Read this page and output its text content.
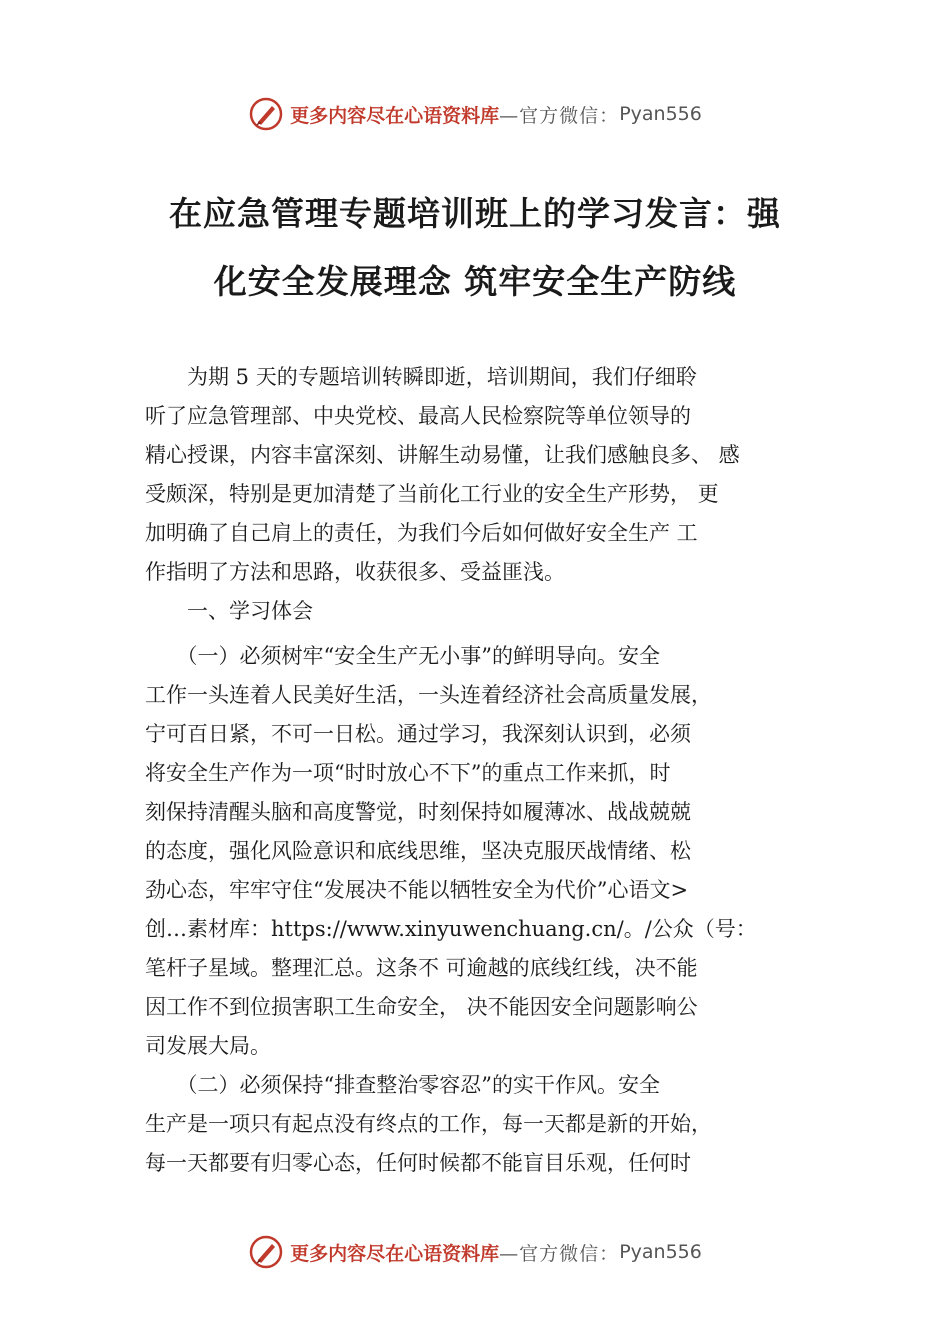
更多内容尽在心语资料库 —官方微信： Pyan556
在应急管理专题培训班上的学习发言：强
化安全发展理念 筑牢安全生产防线
　　为期 5 天的专题培训转瞬即逝，培训期间，我们仔细聆
听了应急管理部、中央党校、最高人民检察院等单位领导的
精心授课，内容丰富深刻、讲解生动易懂，让我们感触良多、 感
受颇深，特别是更加清楚了当前化工行业的安全生产形势， 更
加明确了自己肩上的责任，为我们今后如何做好安全生产 工
作指明了方法和思路，收获很多、受益匪浅。
　　一、学习体会
　　（一）必须树牢“安全生产无小事”的鲜明导向。安全
工作一头连着人民美好生活，一头连着经济社会高质量发展，
宁可百日紧，不可一日松。通过学习，我深刻认识到，必须
将安全生产作为一项“时时放心不下”的重点工作来抓，时
刻保持清醒头脑和高度警觉，时刻保持如履薄冰、战战兢兢
的态度，强化风险意识和底线思维，坚决克服厌战情绪、松
劲心态，牢牢守住“发展决不能以牺牲安全为代价”心语文>
创…素材库：https://www.xinyuwenchuang.cn/。/公众（号：
笔杆子星域。整理汇总。这条不 可逾越的底线红线，决不能
因工作不到位损害职工生命安全， 决不能因安全问题影响公
司发展大局。
　　（二）必须保持“排查整治零容忍”的实干作风。安全
生产是一项只有起点没有终点的工作，每一天都是新的开始，
每一天都要有归零心态，任何时候都不能盲目乐观，任何时
更多内容尽在心语资料库 —官方微信： Pyan556
